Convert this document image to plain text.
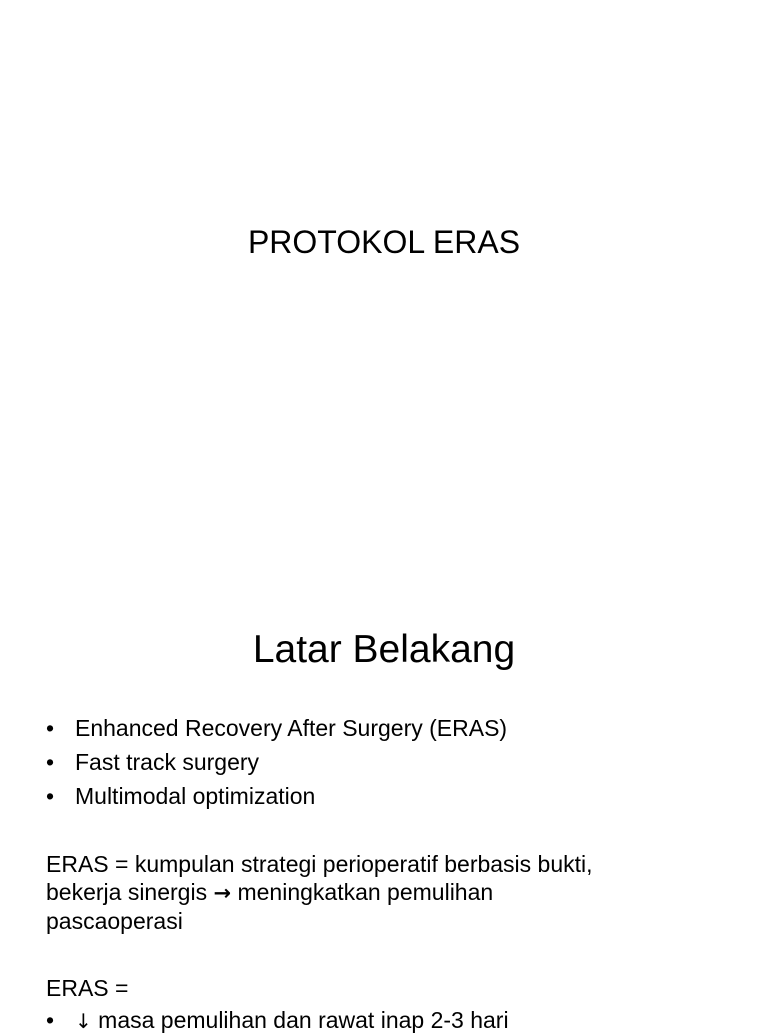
PROTOKOL ERAS
Latar Belakang
• Enhanced Recovery After Surgery (ERAS)
• Fast track surgery
• Multimodal optimization
ERAS = kumpulan strategi perioperatif berbasis bukti,
bekerja sinergis → meningkatkan pemulihan
pascaoperasi
ERAS =
• ↓ masa pemulihan dan rawat inap 2-3 hari
